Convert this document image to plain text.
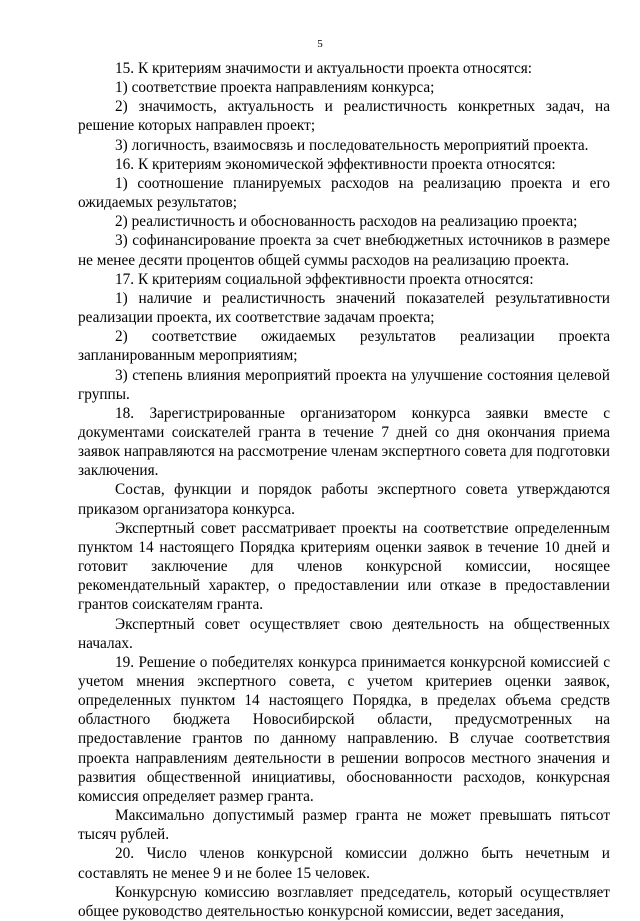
5

15. К критериям значимости и актуальности проекта относятся:

1) соответствие проекта направлениям конкурса;

2) значимость, актуальность и реалистичность конкретных задач, на решение которых направлен проект;

3) логичность, взаимосвязь и последовательность мероприятий проекта.

16. К критериям экономической эффективности проекта относятся:

1) соотношение планируемых расходов на реализацию проекта и его ожидаемых результатов;

2) реалистичность и обоснованность расходов на реализацию проекта;

3) софинансирование проекта за счет внебюджетных источников в размере не менее десяти процентов общей суммы расходов на реализацию проекта.

17. К критериям социальной эффективности проекта относятся:

1) наличие и реалистичность значений показателей результативности реализации проекта, их соответствие задачам проекта;

2) соответствие ожидаемых результатов реализации проекта запланированным мероприятиям;

3) степень влияния мероприятий проекта на улучшение состояния целевой группы.

18. Зарегистрированные организатором конкурса заявки вместе с документами соискателей гранта в течение 7 дней со дня окончания приема заявок направляются на рассмотрение членам экспертного совета для подготовки заключения.

Состав, функции и порядок работы экспертного совета утверждаются приказом организатора конкурса.

Экспертный совет рассматривает проекты на соответствие определенным пунктом 14 настоящего Порядка критериям оценки заявок в течение 10 дней и готовит заключение для членов конкурсной комиссии, носящее рекомендательный характер, о предоставлении или отказе в предоставлении грантов соискателям гранта.

Экспертный совет осуществляет свою деятельность на общественных началах.

19. Решение о победителях конкурса принимается конкурсной комиссией с учетом мнения экспертного совета, с учетом критериев оценки заявок, определенных пунктом 14 настоящего Порядка, в пределах объема средств областного бюджета Новосибирской области, предусмотренных на предоставление грантов по данному направлению. В случае соответствия проекта направлениям деятельности в решении вопросов местного значения и развития общественной инициативы, обоснованности расходов, конкурсная комиссия определяет размер гранта.

Максимально допустимый размер гранта не может превышать пятьсот тысяч рублей.

20. Число членов конкурсной комиссии должно быть нечетным и составлять не менее 9 и не более 15 человек.

Конкурсную комиссию возглавляет председатель, который осуществляет общее руководство деятельностью конкурсной комиссии, ведет заседания,
